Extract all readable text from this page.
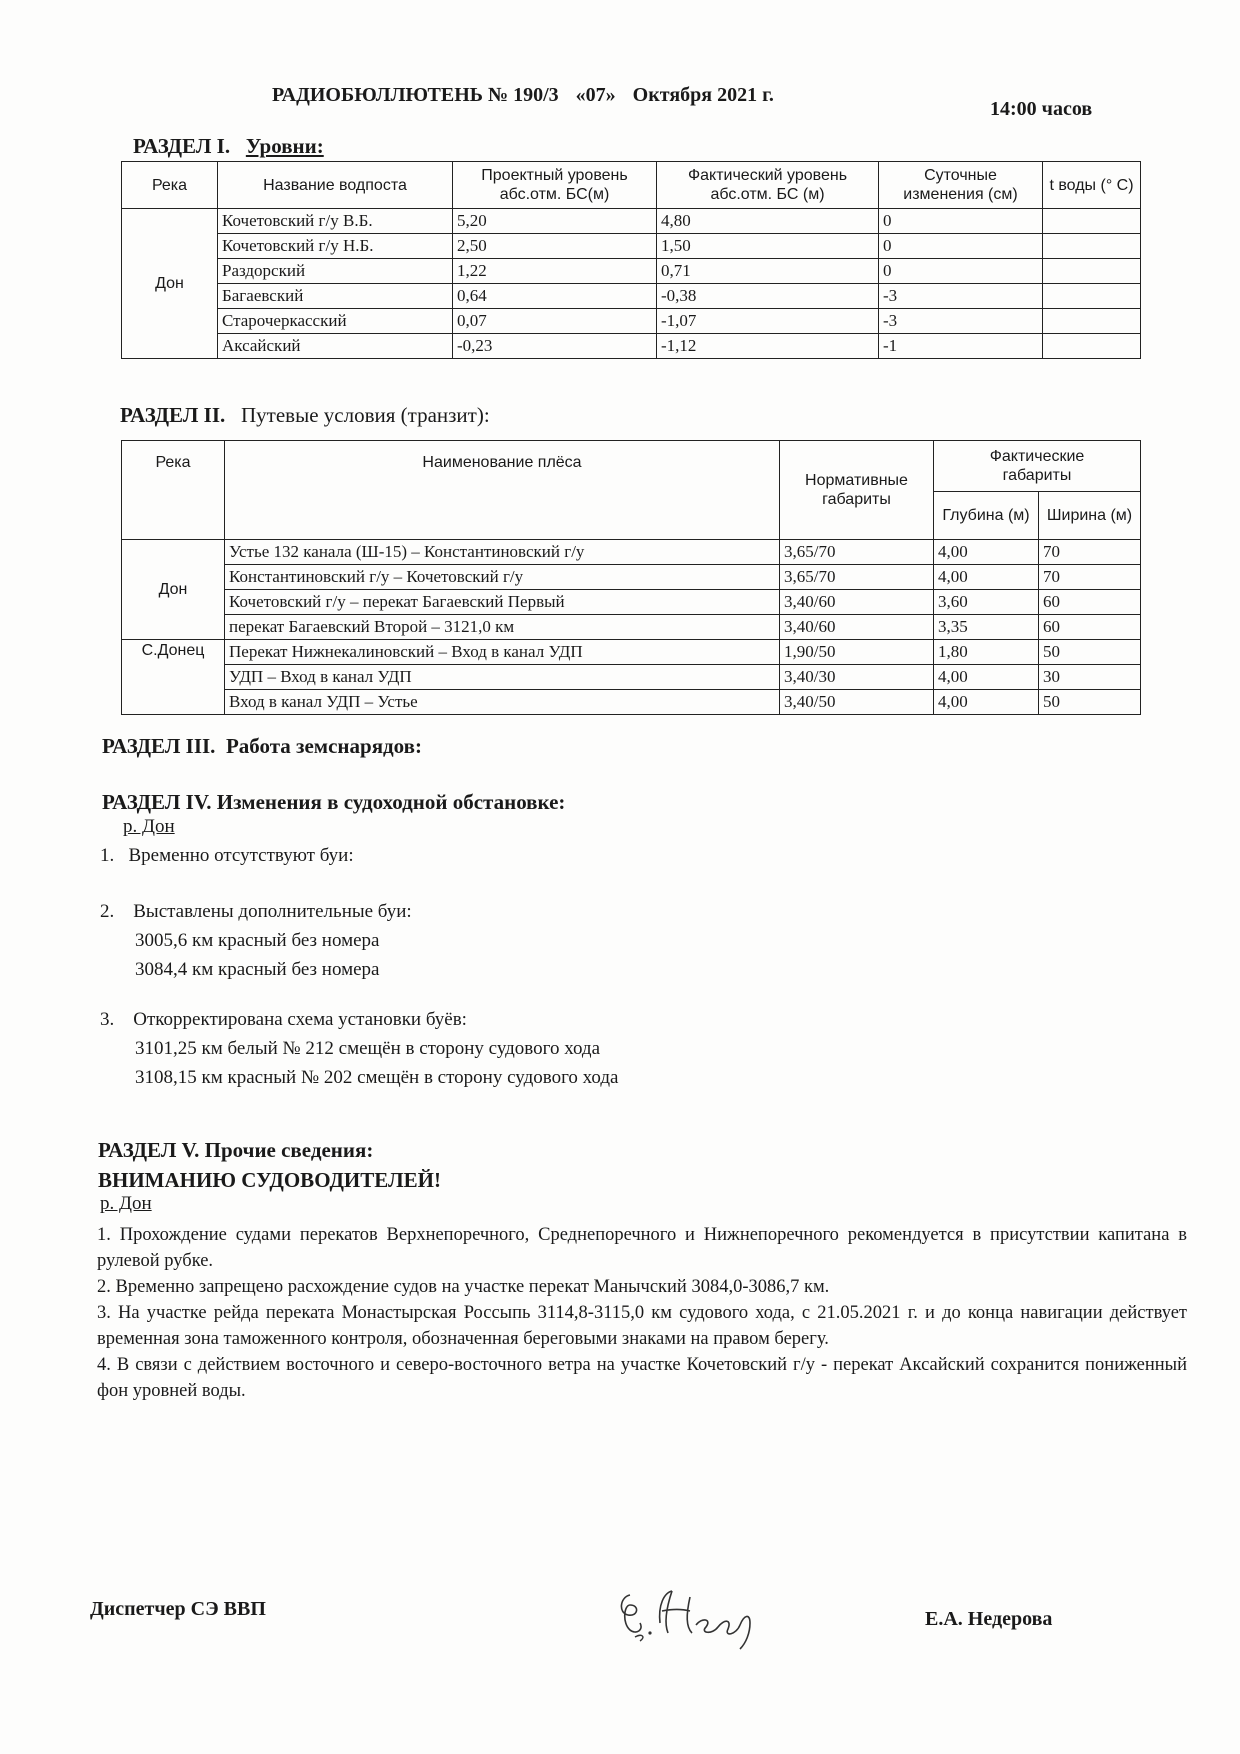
РАДИОБЮЛЛЮТЕНЬ № 190/3 «07» Октября 2021 г.
14:00 часов
РАЗДЕЛ I. Уровни:
Река	Название водпоста	Проектный уровень абс.отм. БС(м)	Фактический уровень абс.отм. БС (м)	Суточные изменения (см)	t воды (° С)
Дон	Кочетовский г/у В.Б.	5,20	4,80	0	
	Кочетовский г/у Н.Б.	2,50	1,50	0	
	Раздорский	1,22	0,71	0	
	Багаевский	0,64	-0,38	-3	
	Старочеркасский	0,07	-1,07	-3	
	Аксайский	-0,23	-1,12	-1	
РАЗДЕЛ II. Путевые условия (транзит):
Река	Наименование плёса	Нормативные габариты	Фактические габариты	
			Глубина (м)	Ширина (м)
Дон	Устье 132 канала (Ш-15) – Константиновский г/у	3,65/70	4,00	70
	Константиновский г/у – Кочетовский г/у	3,65/70	4,00	70
	Кочетовский г/у – перекат Багаевский Первый	3,40/60	3,60	60
	перекат Багаевский Второй – 3121,0 км	3,40/60	3,35	60
С.Донец	Перекат Нижнекалиновский – Вход в канал УДП	1,90/50	1,80	50
	УДП – Вход в канал УДП	3,40/30	4,00	30
	Вход в канал УДП – Устье	3,40/50	4,00	50
РАЗДЕЛ III. Работа земснарядов:
РАЗДЕЛ IV. Изменения в судоходной обстановке:
р. Дон
1. Временно отсутствуют буи:
2. Выставлены дополнительные буи:
3005,6 км красный без номера
3084,4 км красный без номера
3. Откорректирована схема установки буёв:
3101,25 км белый № 212 смещён в сторону судового хода
3108,15 км красный № 202 смещён в сторону судового хода
РАЗДЕЛ V. Прочие сведения:
ВНИМАНИЮ СУДОВОДИТЕЛЕЙ!
р. Дон
1. Прохождение судами перекатов Верхнепоречного, Среднепоречного и Нижнепоречного рекомендуется в присутствии капитана в рулевой рубке.
2. Временно запрещено расхождение судов на участке перекат Манычский 3084,0-3086,7 км.
3. На участке рейда переката Монастырская Россыпь 3114,8-3115,0 км судового хода, с 21.05.2021 г. и до конца навигации действует временная зона таможенного контроля, обозначенная береговыми знаками на правом берегу.
4. В связи с действием восточного и северо-восточного ветра на участке Кочетовский г/у - перекат Аксайский сохранится пониженный фон уровней воды.
Диспетчер СЭ ВВП	Е.А. Недерова
